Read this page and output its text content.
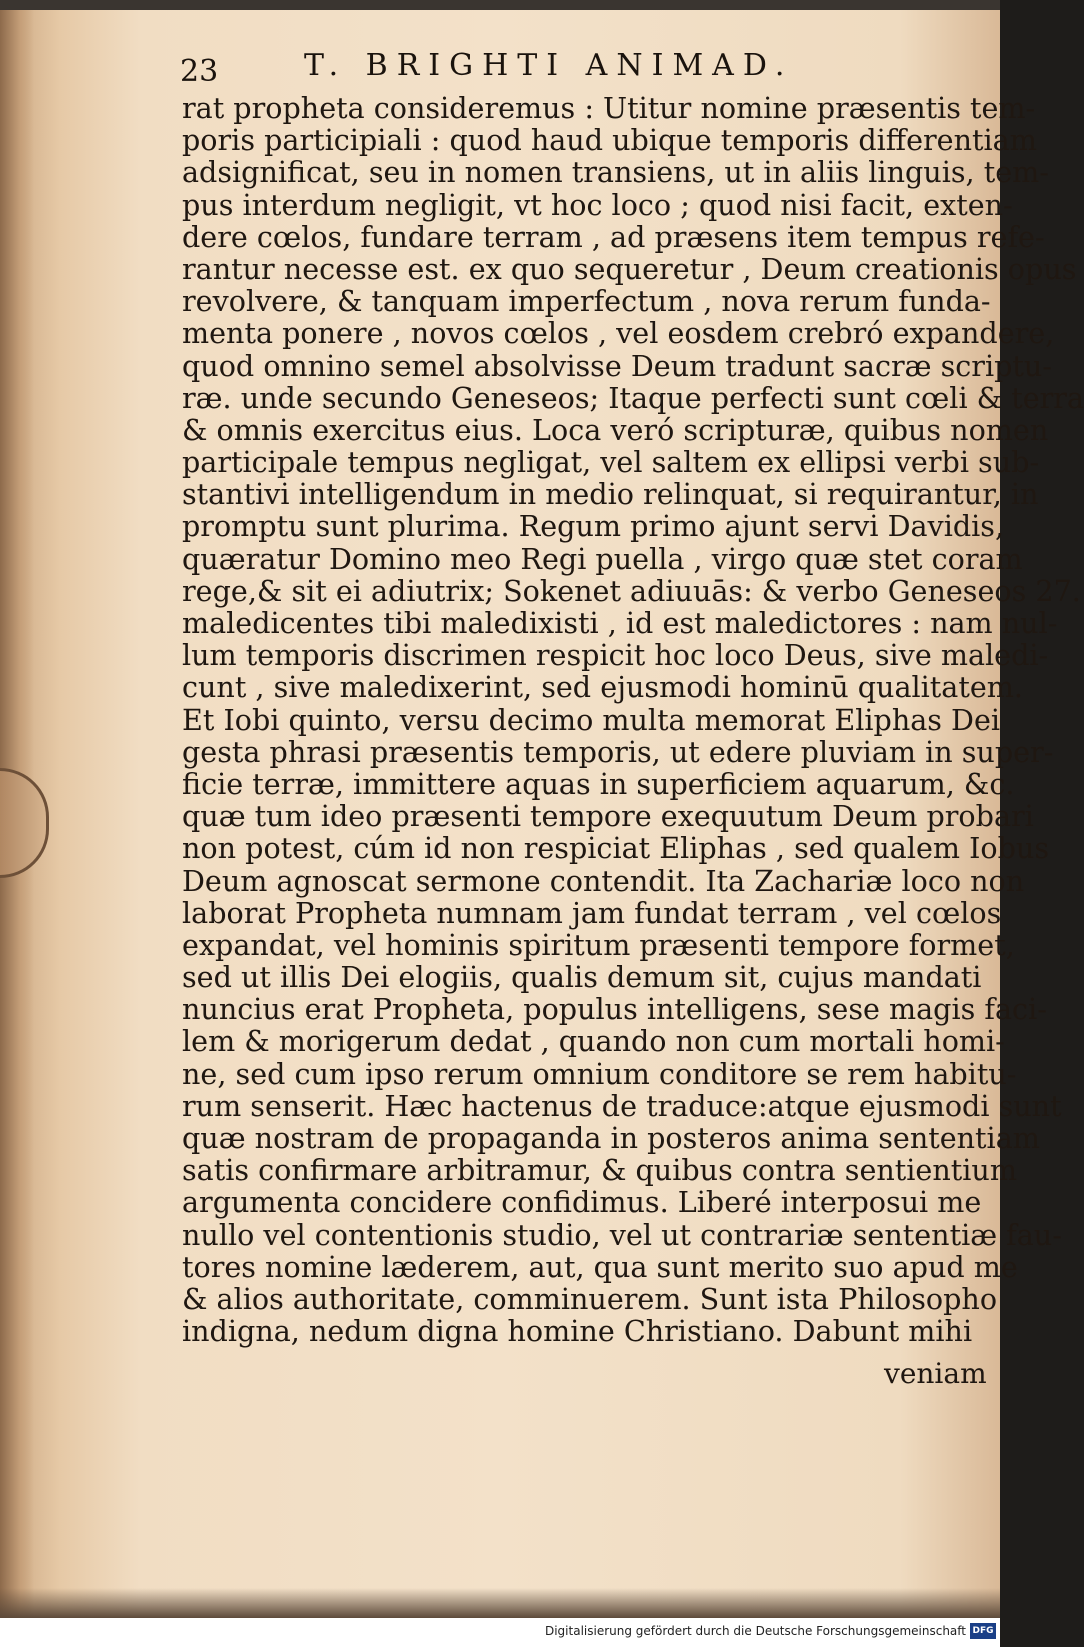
23	T. BRIGHTI ANIMAD.
rat propheta consideremus : Utitur nomine præsentis tem-
poris participiali : quod haud ubique temporis differentiam
adsignificat, seu in nomen transiens, ut in aliis linguis, tem-
pus interdum negligit, vt hoc loco ; quod nisi facit, exten-
dere cœlos, fundare terram , ad præsens item tempus refe-
rantur necesse est. ex quo sequeretur , Deum creationis opus
revolvere, & tanquam imperfectum , nova rerum funda-
menta ponere , novos cœlos , vel eosdem crebró expandere,
quod omnino semel absolvisse Deum tradunt sacræ scriptu-
ræ. unde secundo Geneseos; Itaque perfecti sunt cœli & terra
& omnis exercitus eius. Loca veró scripturæ, quibus nomen
participale tempus negligat, vel saltem ex ellipsi verbi sub-
stantivi intelligendum in medio relinquat, si requirantur, in
promptu sunt plurima. Regum primo ajunt servi Davidis,
quæratur Domino meo Regi puella , virgo quæ stet coram
rege,& sit ei adiutrix; Sokenet adiuuās: & verbo Geneseos 27.
maledicentes tibi maledixisti , id est maledictores : nam nul-
lum temporis discrimen respicit hoc loco Deus, sive maledi-
cunt , sive maledixerint, sed ejusmodi hominū qualitatem.
Et Iobi quinto, versu decimo multa memorat Eliphas Dei
gesta phrasi præsentis temporis, ut edere pluviam in super-
ficie terræ, immittere aquas in superficiem aquarum, &c.
quæ tum ideo præsenti tempore exequutum Deum probari
non potest, cúm id non respiciat Eliphas , sed qualem Iobus
Deum agnoscat sermone contendit. Ita Zachariæ loco non
laborat Propheta numnam jam fundat terram , vel cœlos
expandat, vel hominis spiritum præsenti tempore formet,
sed ut illis Dei elogiis, qualis demum sit, cujus mandati
nuncius erat Propheta, populus intelligens, sese magis faci-
lem & morigerum dedat , quando non cum mortali homi-
ne, sed cum ipso rerum omnium conditore se rem habitu-
rum senserit. Hæc hactenus de traduce:atque ejusmodi sunt
quæ nostram de propaganda in posteros anima sententiam
satis confirmare arbitramur, & quibus contra sentientium
argumenta concidere confidimus. Liberé interposui me
nullo vel contentionis studio, vel ut contrariæ sententiæ fau-
tores nomine læderem, aut, qua sunt merito suo apud me
& alios authoritate, comminuerem. Sunt ista Philosopho
indigna, nedum digna homine Christiano. Dabunt mihi
veniam
Digitalisierung gefördert durch die Deutsche Forschungsgemeinschaft DFG
